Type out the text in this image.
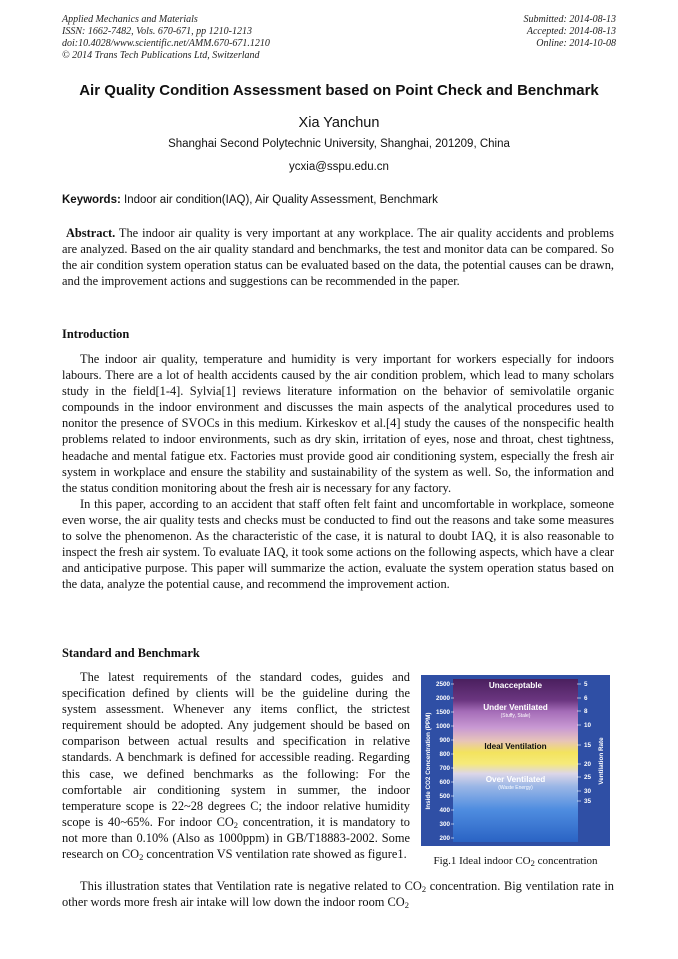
Applied Mechanics and Materials
ISSN: 1662-7482, Vols. 670-671, pp 1210-1213
doi:10.4028/www.scientific.net/AMM.670-671.1210
© 2014 Trans Tech Publications Ltd, Switzerland
Submitted: 2014-08-13
Accepted: 2014-08-13
Online: 2014-10-08
Air Quality Condition Assessment based on Point Check and Benchmark
Xia Yanchun
Shanghai Second Polytechnic University, Shanghai, 201209, China
ycxia@sspu.edu.cn
Keywords: Indoor air condition(IAQ), Air Quality Assessment, Benchmark

Abstract. The indoor air quality is very important at any workplace. The air quality accidents and problems are analyzed. Based on the air quality standard and benchmarks, the test and monitor data can be compared. So the air condition system operation status can be evaluated based on the data, the potential causes can be drawn, and the improvement actions and suggestions can be recommended in the paper.

Introduction

The indoor air quality, temperature and humidity is very important for workers especially for indoors labours. There are a lot of health accidents caused by the air condition problem, which lead to many scholars study in the field[1-4]. Sylvia[1] reviews literature information on the behavior of semivolatile organic compounds in the indoor environment and discusses the main aspects of the analytical procedures used to nonitor the presence of SVOCs in this medium. Kirkeskov et al.[4] study the causes of the nonspecific health problems related to indoor environments, such as dry skin, irritation of eyes, nose and throat, chest tightness, headache and mental fatigue etx. Factories must provide good air conditioning system, especially the fresh air system in workplace and ensure the stability and sustainability of the system as well. So, the information and the status condition monitoring about the fresh air is necessary for any factory.

In this paper, according to an accident that staff often felt faint and uncomfortable in workplace, someone even worse, the air quality tests and checks must be conducted to find out the reasons and take some measures to solve the phenomenon. As the characteristic of the case, it is natural to doubt IAQ, it is also reasonable to inspect the fresh air system. To evaluate IAQ, it took some actions on the following aspects, which have a clear and anticipative purpose. This paper will summarize the action, evaluate the system operation status based on the data, analyze the potential cause, and recommend the improvement action.

Standard and Benchmark

The latest requirements of the standard codes, guides and specification defined by clients will be the guideline during the system assessment. Whenever any items conflict, the strictest requirement should be adopted. Any judgement should be based on comparison between actual results and specification in relative standards. A benchmark is defined for accessible reading. Regarding this case, we defined benchmarks as the following: For the comfortable air conditioning system in summer, the indoor temperature scope is 22~28 degrees C; the indoor relative humidity scope is 40~65%. For indoor $CO_2$ concentration, it is mandatory to not more than 0.10% (Also as 1000ppm) in GB/T18883-2002. Some research on $CO_2$ concentration VS ventilation rate showed as figure1.

This illustration states that Ventilation rate is negative related to $CO_2$ concentration. Big ventilation rate in other words more fresh air intake will low down the indoor room $CO_2$

2500
2000
1500
1000
900
800
700
600
500
400
300
200
5
6
8
10
15
20
25
30
35
Unacceptable
Under Ventilated
(Stuffy, Stale)
Ideal Ventilation
Over Ventilated
(Waste Energy)
Inside CO2 Concentration (PPM)	Ventilation Rate
Fig.1 Ideal indoor $CO_2$ concentration
